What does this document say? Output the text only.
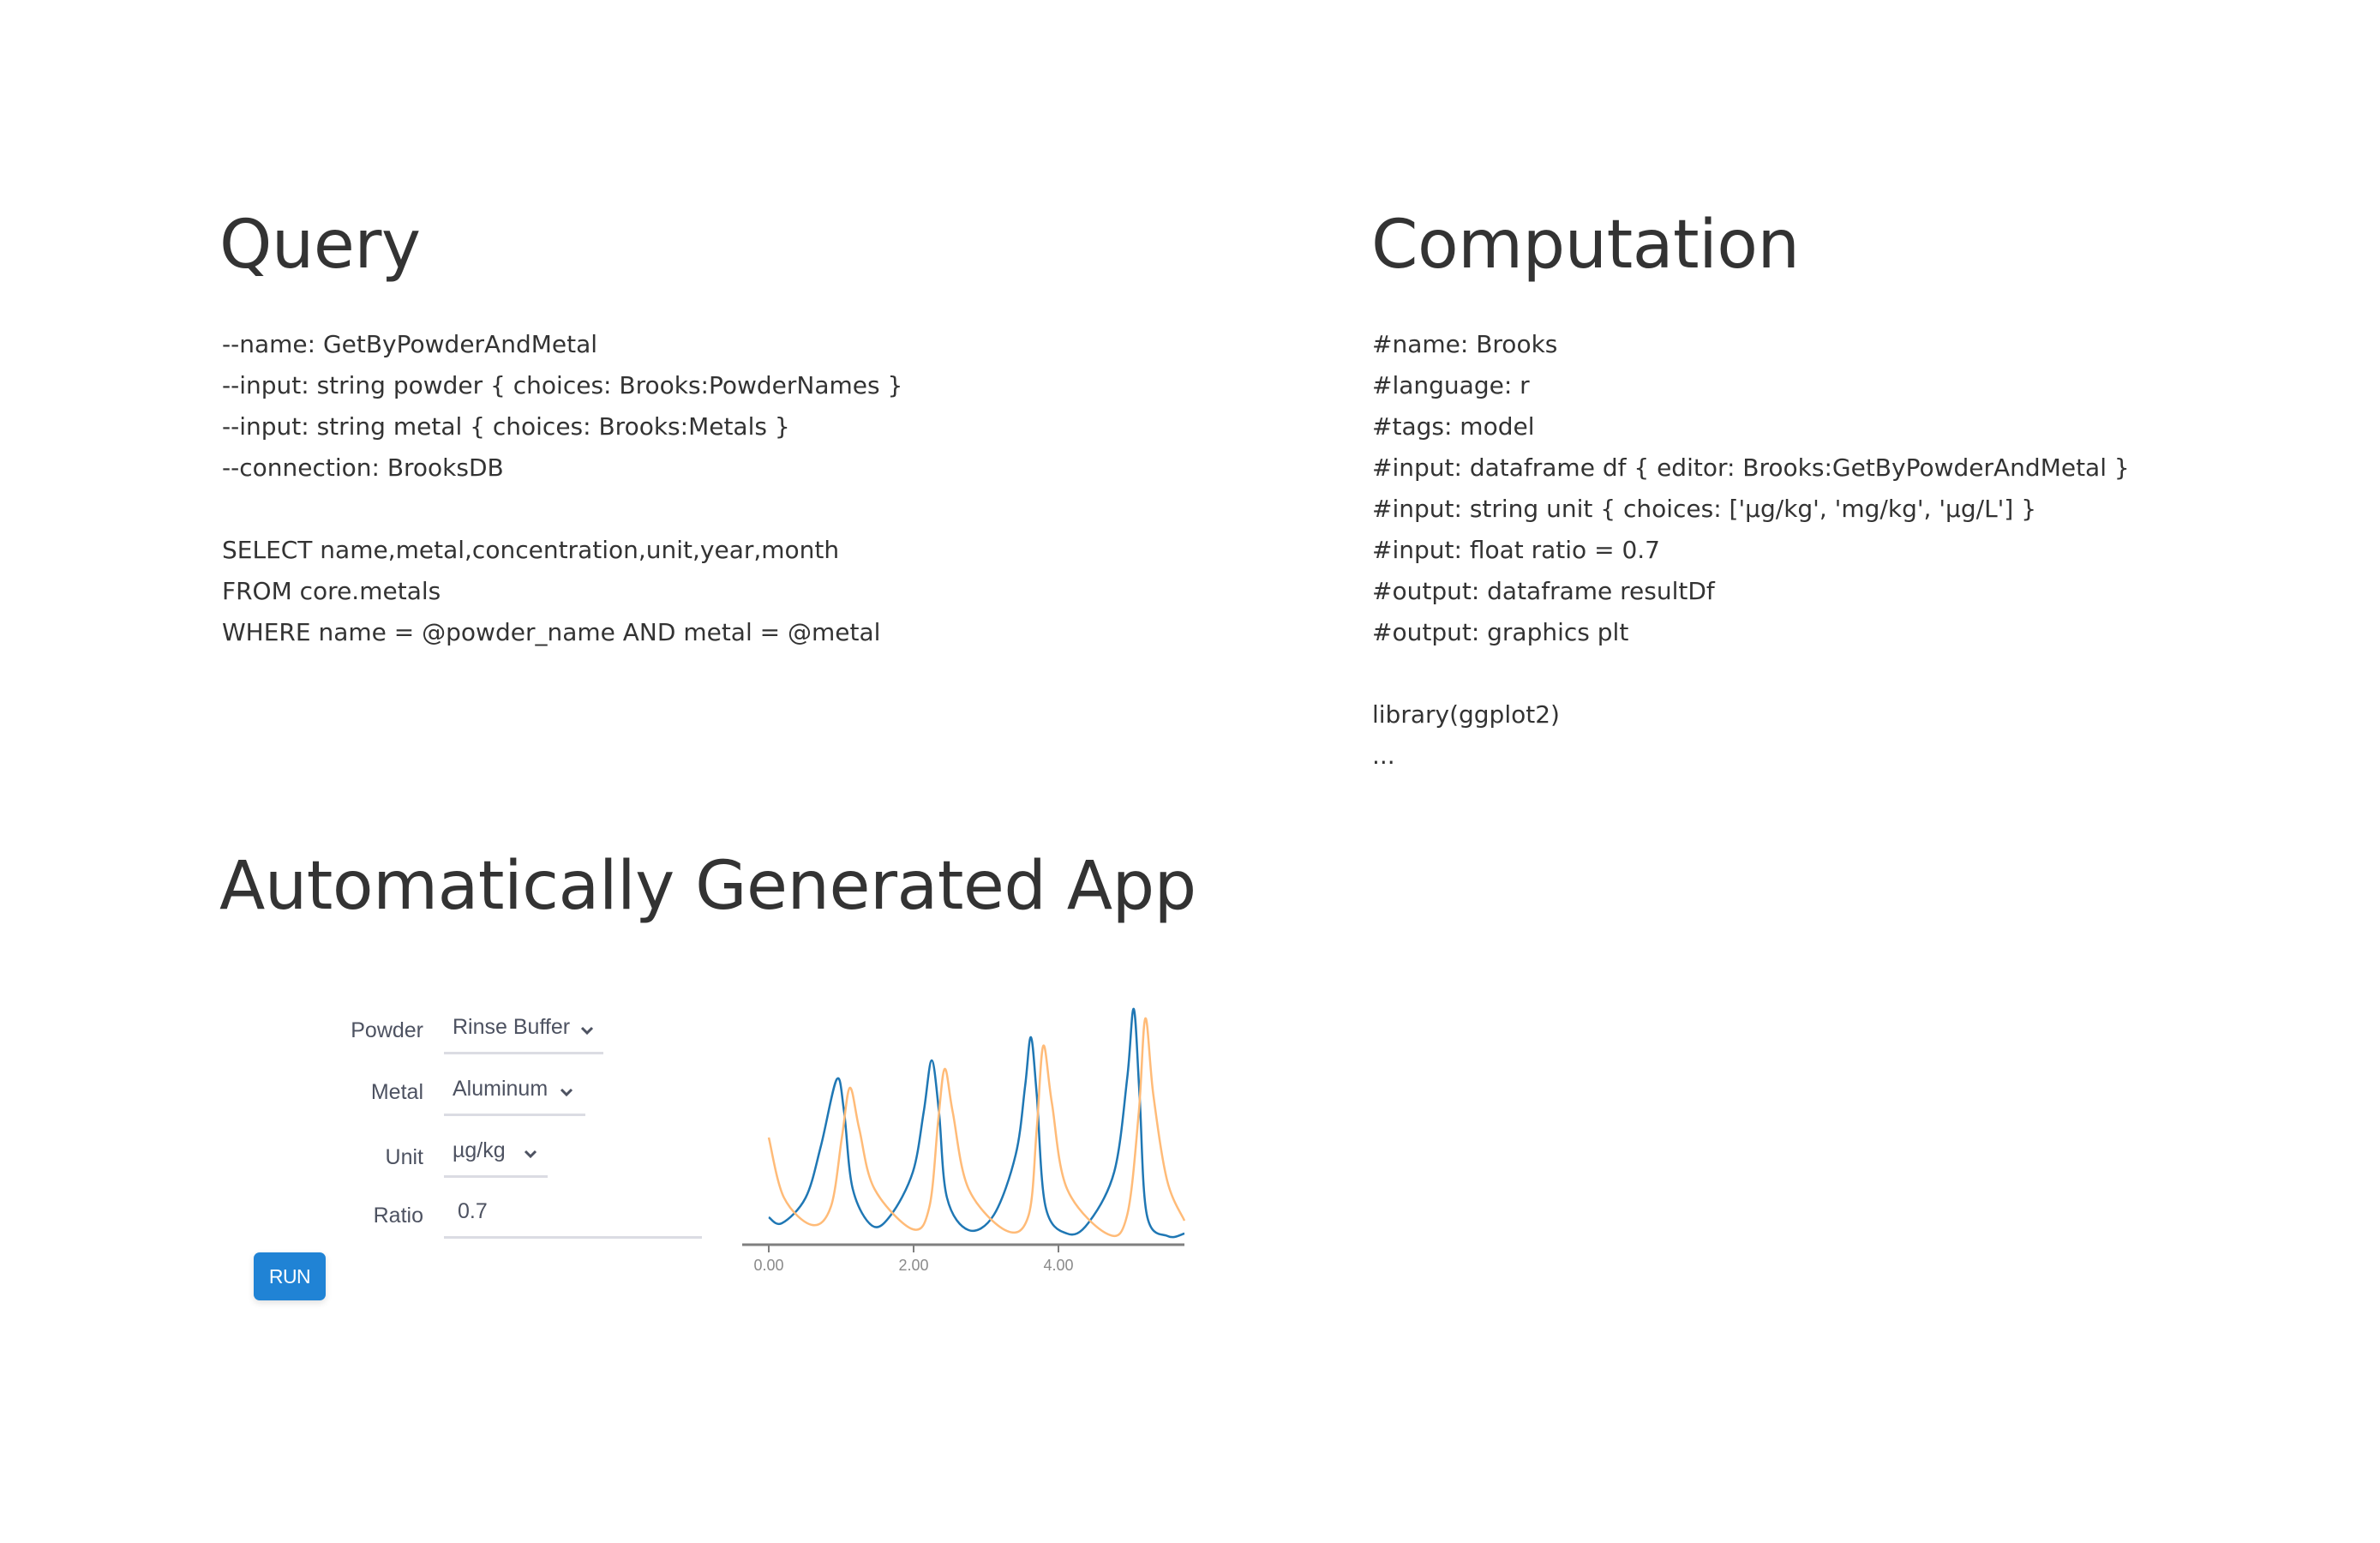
Query
--name: GetByPowderAndMetal
--input: string powder { choices: Brooks:PowderNames }
--input: string metal { choices: Brooks:Metals }
--connection: BrooksDB
SELECT name,metal,concentration,unit,year,month
FROM core.metals
WHERE name = @powder_name AND metal = @metal
Computation
#name: Brooks
#language: r
#tags: model
#input: dataframe df { editor: Brooks:GetByPowderAndMetal }
#input: string unit { choices: ['µg/kg', 'mg/kg', 'µg/L'] }
#input: float ratio = 0.7
#output: dataframe resultDf
#output: graphics plt
library(ggplot2)
...
Automatically Generated App
Powder Rinse Buffer
Metal Aluminum
Unit µg/kg
Ratio 0.7
RUN	0.00	2.00	4.00
